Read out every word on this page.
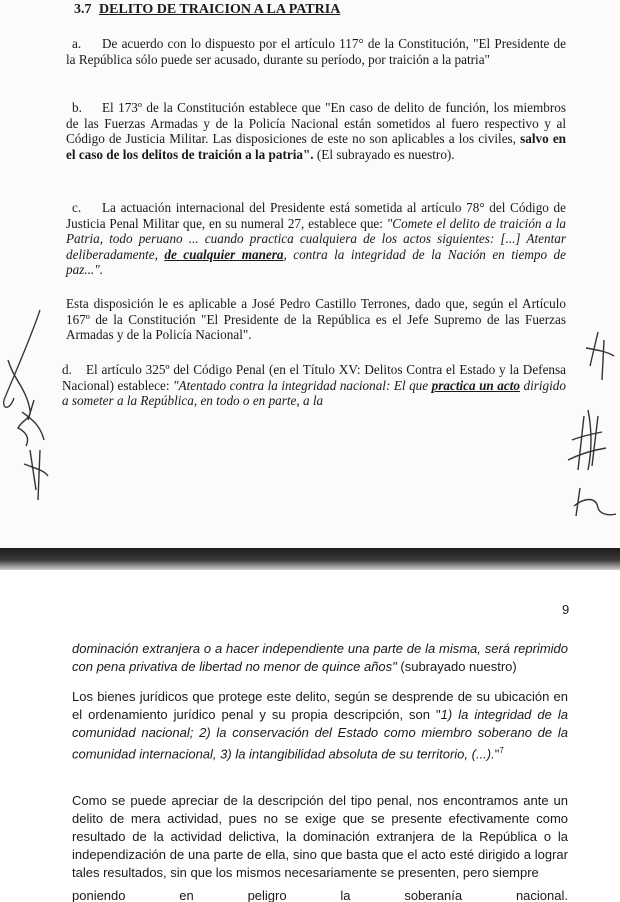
3.7 DELITO DE TRAICION A LA PATRIA

a. De acuerdo con lo dispuesto por el artículo 117° de la Constitución, "El Presidente de la República sólo puede ser acusado, durante su período, por traición a la patria"

b. El 173º de la Constitución establece que "En caso de delito de función, los miembros de las Fuerzas Armadas y de la Policía Nacional están sometidos al fuero respectivo y al Código de Justicia Militar. Las disposiciones de este no son aplicables a los civiles, salvo en el caso de los delitos de traición a la patria". (El subrayado es nuestro).

c. La actuación internacional del Presidente está sometida al artículo 78° del Código de Justicia Penal Militar que, en su numeral 27, establece que: "Comete el delito de traición a la Patria, todo peruano ... cuando practica cualquiera de los actos siguientes: [...] Atentar deliberadamente, de cualquier manera, contra la integridad de la Nación en tiempo de paz...".

Esta disposición le es aplicable a José Pedro Castillo Terrones, dado que, según el Artículo 167º de la Constitución "El Presidente de la República es el Jefe Supremo de las Fuerzas Armadas y de la Policía Nacional".

d. El artículo 325º del Código Penal (en el Título XV: Delitos Contra el Estado y la Defensa Nacional) establece: "Atentado contra la integridad nacional: El que practica un acto dirigido a someter a la República, en todo o en parte, a la

9

dominación extranjera o a hacer independiente una parte de la misma, será reprimido con pena privativa de libertad no menor de quince años" (subrayado nuestro)

Los bienes jurídicos que protege este delito, según se desprende de su ubicación en el ordenamiento jurídico penal y su propia descripción, son "1) la integridad de la comunidad nacional; 2) la conservación del Estado como miembro soberano de la comunidad internacional, 3) la intangibilidad absoluta de su territorio, (...)."$^7$

Como se puede apreciar de la descripción del tipo penal, nos encontramos ante un delito de mera actividad, pues no se exige que se presente efectivamente como resultado de la actividad delictiva, la dominación extranjera de la República o la independización de una parte de ella, sino que basta que el acto esté dirigido a lograr tales resultados, sin que los mismos necesariamente se presenten, pero siempre

poniendo	en	peligro	la	soberanía	nacional.
